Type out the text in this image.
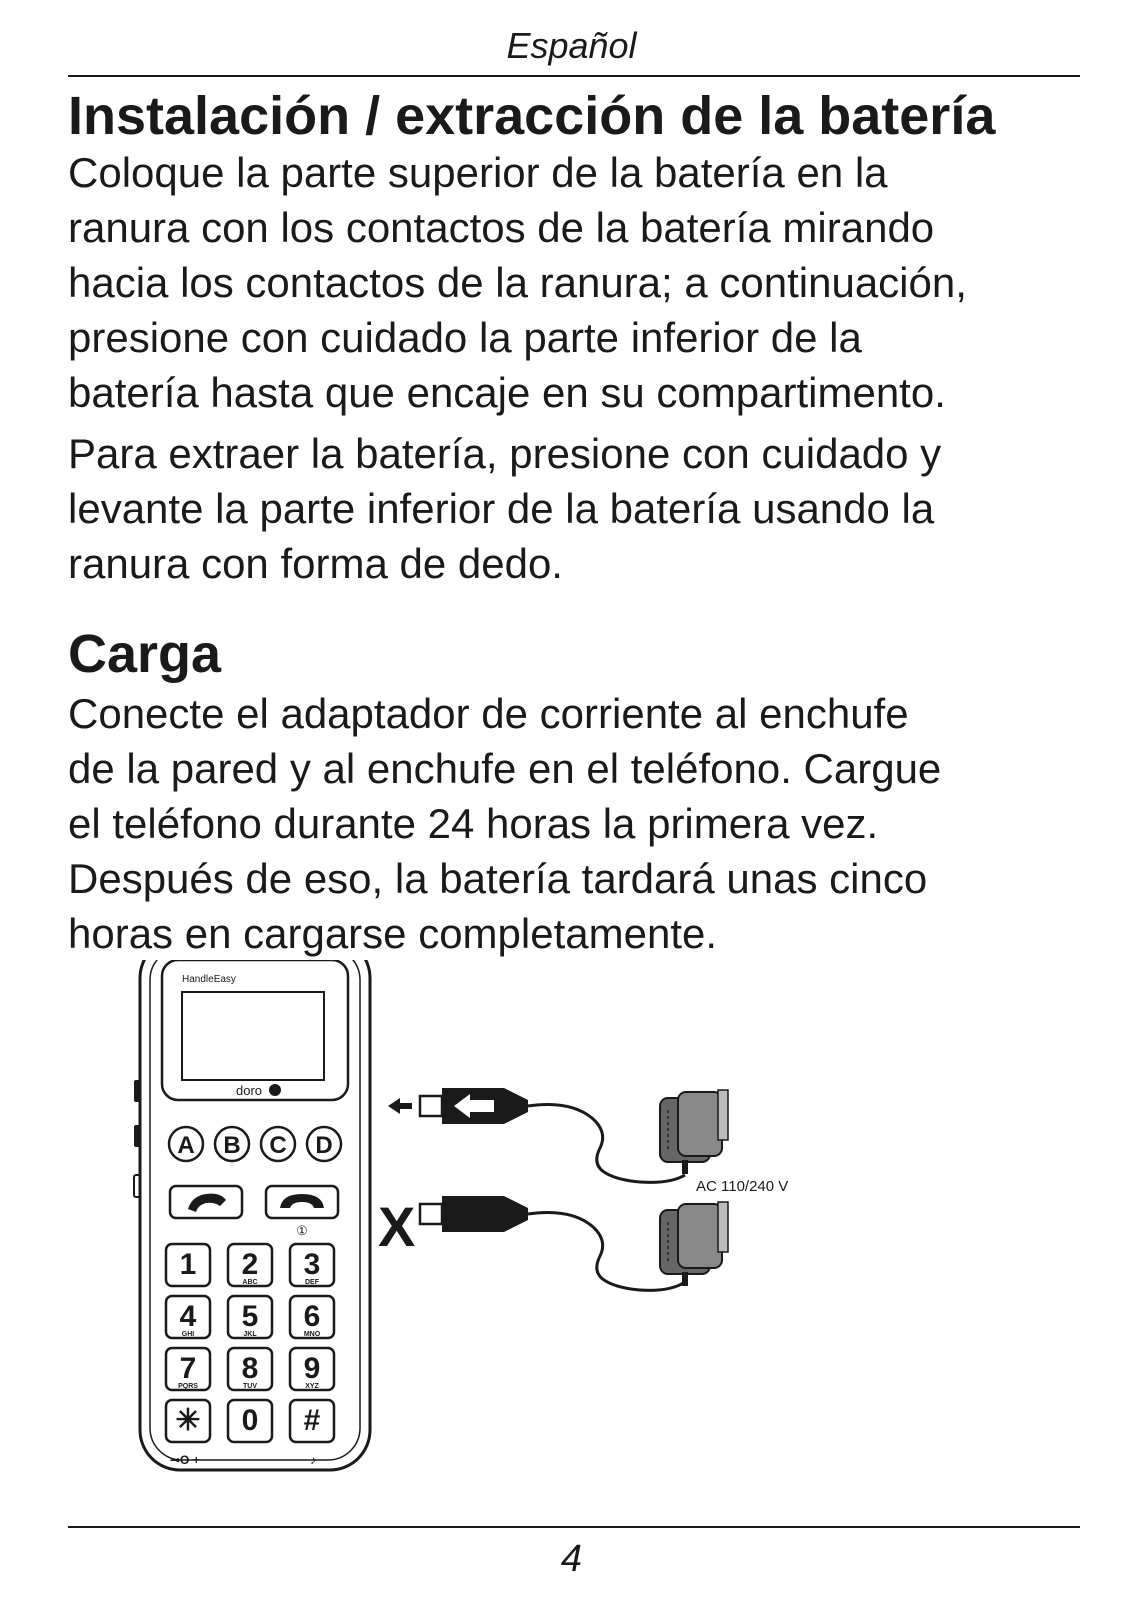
Español
Instalación / extracción de la batería

Coloque la parte superior de la batería en la
ranura con los contactos de la batería mirando
hacia los contactos de la ranura; a continuación,
presione con cuidado la parte inferior de la
batería hasta que encaje en su compartimento.

Para extraer la batería, presione con cuidado y
levante la parte inferior de la batería usando la
ranura con forma de dedo.

Carga

Conecte el adaptador de corriente al enchufe
de la pared y al enchufe en el teléfono. Cargue
el teléfono durante 24 horas la primera vez.
Después de eso, la batería tardará unas cinco
horas en cargarse completamente.

HandleEasy
doro
A B C D
①
1 2
ABC
3
DEF
4
GHI
5
JKL
6
MNO
7
PQRS
8
TUV
9
XYZ
✳ 0 #
⊸O +	♪
AC 110/240 V
X
4
